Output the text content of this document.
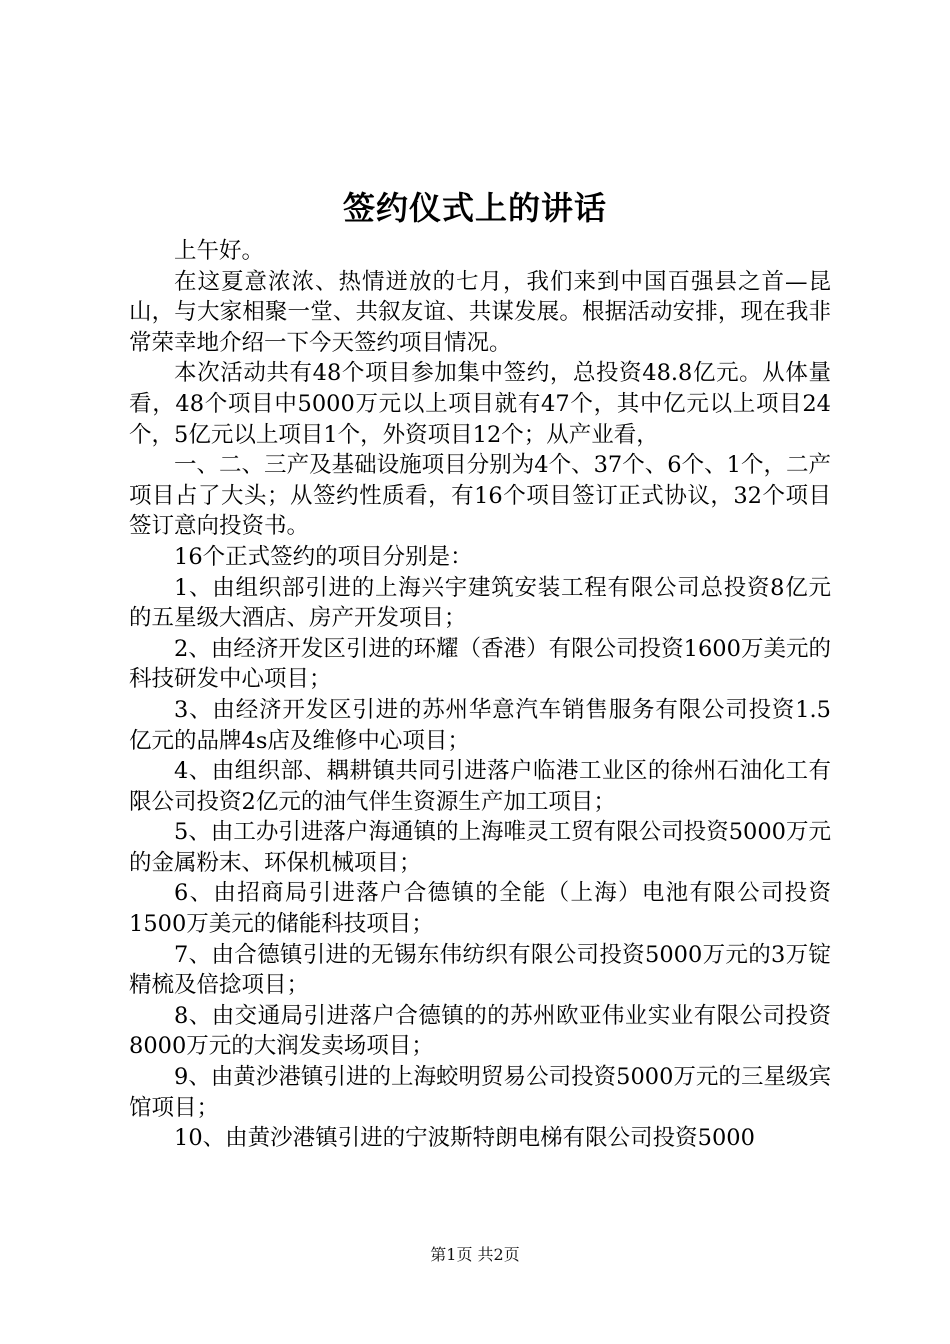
签约仪式上的讲话

上午好。

在这夏意浓浓、热情迸放的七月，我们来到中国百强县之首—昆山，与大家相聚一堂、共叙友谊、共谋发展。根据活动安排，现在我非常荣幸地介绍一下今天签约项目情况。

本次活动共有48个项目参加集中签约，总投资48.8亿元。从体量看，48个项目中5000万元以上项目就有47个，其中亿元以上项目24个，5亿元以上项目1个，外资项目12个；从产业看，

一、二、三产及基础设施项目分别为4个、37个、6个、1个，二产项目占了大头；从签约性质看，有16个项目签订正式协议，32个项目签订意向投资书。

16个正式签约的项目分别是：

1、由组织部引进的上海兴宇建筑安装工程有限公司总投资8亿元的五星级大酒店、房产开发项目；

2、由经济开发区引进的环耀（香港）有限公司投资1600万美元的科技研发中心项目；

3、由经济开发区引进的苏州华意汽车销售服务有限公司投资1.5亿元的品牌4s店及维修中心项目；

4、由组织部、耦耕镇共同引进落户临港工业区的徐州石油化工有限公司投资2亿元的油气伴生资源生产加工项目；

5、由工办引进落户海通镇的上海唯灵工贸有限公司投资5000万元的金属粉末、环保机械项目；

6、由招商局引进落户合德镇的全能（上海）电池有限公司投资1500万美元的储能科技项目；

7、由合德镇引进的无锡东伟纺织有限公司投资5000万元的3万锭精梳及倍捻项目；

8、由交通局引进落户合德镇的的苏州欧亚伟业实业有限公司投资8000万元的大润发卖场项目；

9、由黄沙港镇引进的上海蛟明贸易公司投资5000万元的三星级宾馆项目；

10、由黄沙港镇引进的宁波斯特朗电梯有限公司投资5000

第1页 共2页
